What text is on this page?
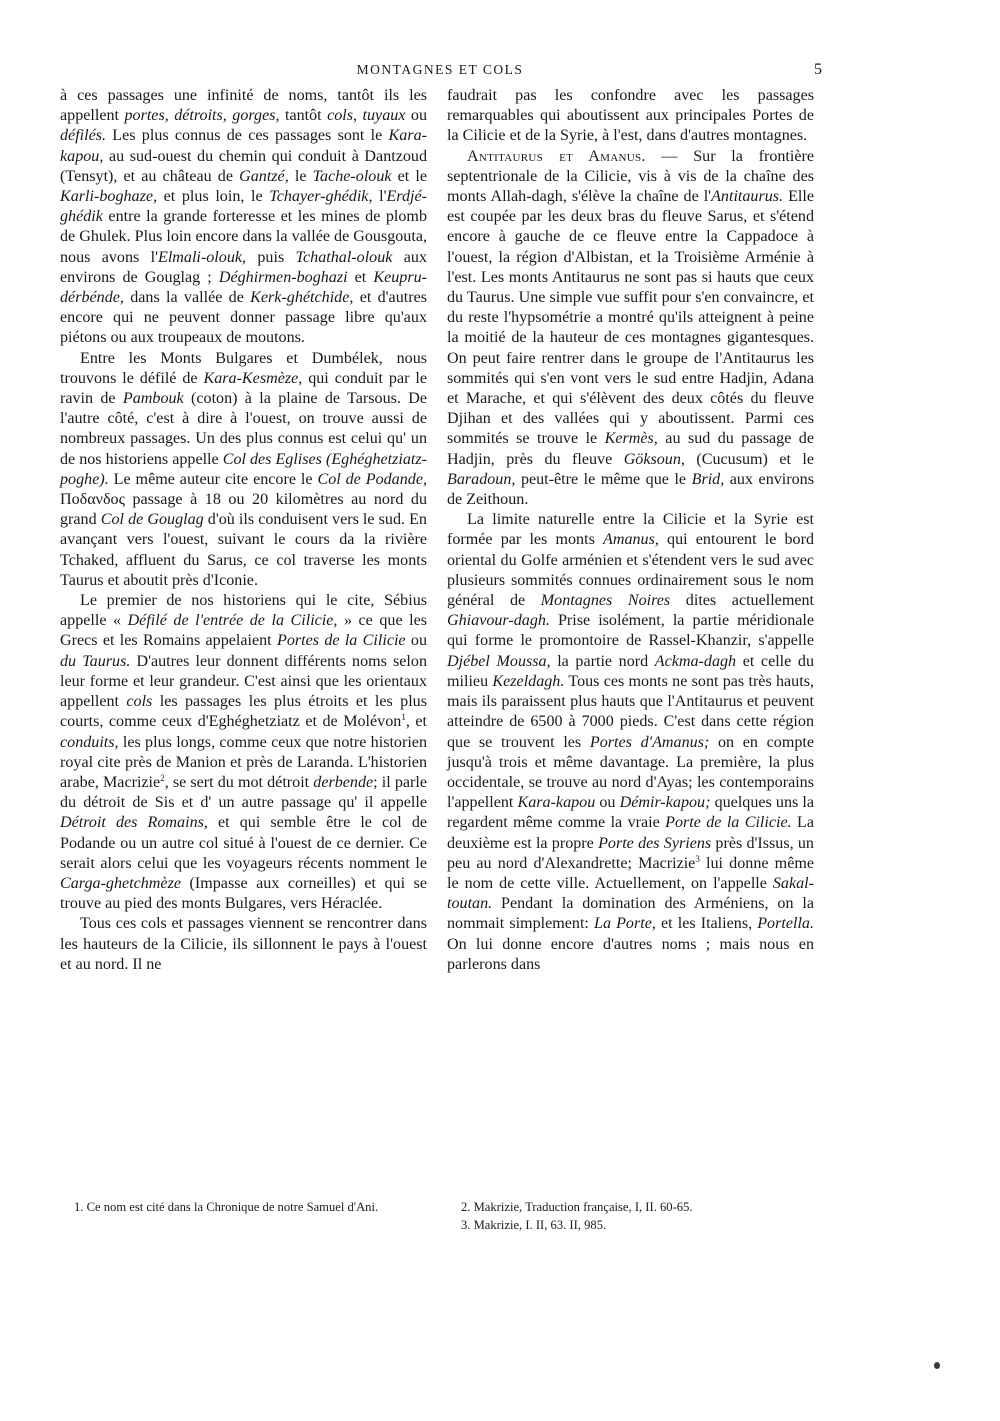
MONTAGNES ET COLS	5

à ces passages une infinité de noms, tantôt ils les appellent portes, détroits, gorges, tantôt cols, tuyaux ou défilés. Les plus connus de ces passages sont le Kara-kapou, au sud-ouest du chemin qui conduit à Dantzoud (Tensyt), et au château de Gantzé, le Tache-olouk et le Karli-boghaze, et plus loin, le Tchayer-ghédik, l'Erdjé-ghédik entre la grande forteresse et les mines de plomb de Ghulek. Plus loin encore dans la vallée de Gousgouta, nous avons l'Elmali-olouk, puis Tchathal-olouk aux environs de Gouglag ; Déghirmen-boghazi et Keupru-dérbénde, dans la vallée de Kerk-ghétchide, et d'autres encore qui ne peuvent donner passage libre qu'aux piétons ou aux troupeaux de moutons.

Entre les Monts Bulgares et Dumbélek, nous trouvons le défilé de Kara-Kesmèze, qui conduit par le ravin de Pambouk (coton) à la plaine de Tarsous. De l'autre côté, c'est à dire à l'ouest, on trouve aussi de nombreux passages. Un des plus connus est celui qu' un de nos historiens appelle Col des Eglises (Eghéghetziatz-poghe). Le même auteur cite encore le Col de Podande, Ποδανδος passage à 18 ou 20 kilomètres au nord du grand Col de Gouglag d'où ils conduisent vers le sud. En avançant vers l'ouest, suivant le cours da la rivière Tchaked, affluent du Sarus, ce col traverse les monts Taurus et aboutit près d'Iconie.

Le premier de nos historiens qui le cite, Sébius appelle « Défilé de l'entrée de la Cilicie, » ce que les Grecs et les Romains appelaient Portes de la Cilicie ou du Taurus. D'autres leur donnent différents noms selon leur forme et leur grandeur. C'est ainsi que les orientaux appellent cols les passages les plus étroits et les plus courts, comme ceux d'Eghéghetziatz et de Molévon$^1$, et conduits, les plus longs, comme ceux que notre historien royal cite près de Manion et près de Laranda. L'historien arabe, Macrizie$^2$, se sert du mot détroit derbende; il parle du détroit de Sis et d' un autre passage qu' il appelle Détroit des Romains, et qui semble être le col de Podande ou un autre col situé à l'ouest de ce dernier. Ce serait alors celui que les voyageurs récents nomment le Carga-ghetchmèze (Impasse aux corneilles) et qui se trouve au pied des monts Bulgares, vers Héraclée.

Tous ces cols et passages viennent se rencontrer dans les hauteurs de la Cilicie, ils sillonnent le pays à l'ouest et au nord. Il ne

faudrait pas les confondre avec les passages remarquables qui aboutissent aux principales Portes de la Cilicie et de la Syrie, à l'est, dans d'autres montagnes.

Antitaurus et Amanus. — Sur la frontière septentrionale de la Cilicie, vis à vis de la chaîne des monts Allah-dagh, s'élève la chaîne de l'Antitaurus. Elle est coupée par les deux bras du fleuve Sarus, et s'étend encore à gauche de ce fleuve entre la Cappadoce à l'ouest, la région d'Albistan, et la Troisième Arménie à l'est. Les monts Antitaurus ne sont pas si hauts que ceux du Taurus. Une simple vue suffit pour s'en convaincre, et du reste l'hypsométrie a montré qu'ils atteignent à peine la moitié de la hauteur de ces montagnes gigantesques. On peut faire rentrer dans le groupe de l'Antitaurus les sommités qui s'en vont vers le sud entre Hadjin, Adana et Marache, et qui s'élèvent des deux côtés du fleuve Djihan et des vallées qui y aboutissent. Parmi ces sommités se trouve le Kermès, au sud du passage de Hadjin, près du fleuve Göksoun, (Cucusum) et le Baradoun, peut-être le même que le Brid, aux environs de Zeithoun.

La limite naturelle entre la Cilicie et la Syrie est formée par les monts Amanus, qui entourent le bord oriental du Golfe arménien et s'étendent vers le sud avec plusieurs sommités connues ordinairement sous le nom général de Montagnes Noires dites actuellement Ghiavour-dagh. Prise isolément, la partie méridionale qui forme le promontoire de Rassel-Khanzir, s'appelle Djébel Moussa, la partie nord Ackma-dagh et celle du milieu Kezeldagh. Tous ces monts ne sont pas très hauts, mais ils paraissent plus hauts que l'Antitaurus et peuvent atteindre de 6500 à 7000 pieds. C'est dans cette région que se trouvent les Portes d'Amanus; on en compte jusqu'à trois et même davantage. La première, la plus occidentale, se trouve au nord d'Ayas; les contemporains l'appellent Kara-kapou ou Démir-kapou; quelques uns la regardent même comme la vraie Porte de la Cilicie. La deuxième est la propre Porte des Syriens près d'Issus, un peu au nord d'Alexandrette; Macrizie$^3$ lui donne même le nom de cette ville. Actuellement, on l'appelle Sakal-toutan. Pendant la domination des Arméniens, on la nommait simplement: La Porte, et les Italiens, Portella. On lui donne encore d'autres noms ; mais nous en parlerons dans

1. Ce nom est cité dans la Chronique de notre Samuel d'Ani.	2. Makrizie, Traduction française, I, II. 60-65.
3. Makrizie, I. II, 63. II, 985.
